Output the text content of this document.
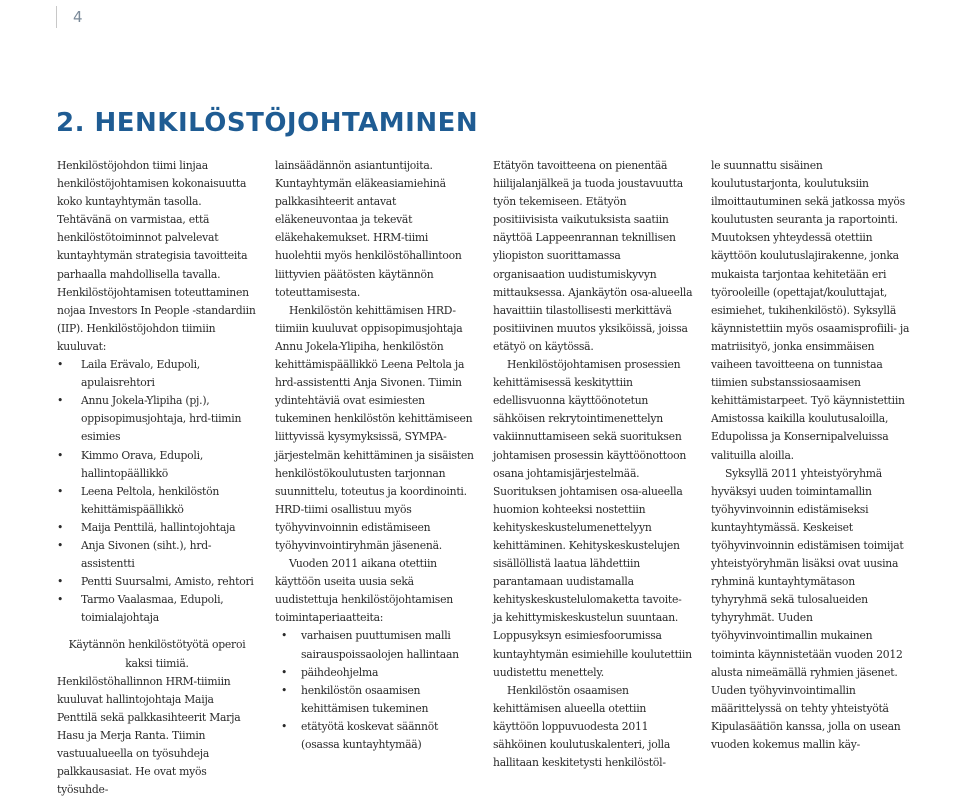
4
2. HENKILÖSTÖJOHTAMINEN

Henkilöstöjohdon tiimi linjaa henkilöstöjohtamisen kokonaisuutta koko kuntayhtymän tasolla. Tehtävänä on varmistaa, että henkilöstötoiminnot palvelevat kuntayhtymän strategisia tavoitteita parhaalla mahdollisella tavalla. Henkilöstöjohtamisen toteuttaminen nojaa Investors In People -standardiin (IIP). Henkilöstöjohdon tiimiin kuuluvat:

• Laila Erävalo, Edupoli, apulaisrehtori
• Annu Jokela-Ylipiha (pj.), oppisopimusjohtaja, hrd-tiimin esimies
• Kimmo Orava, Edupoli, hallintopäällikkö
• Leena Peltola, henkilöstön kehittämispäällikkö
• Maija Penttilä, hallintojohtaja
• Anja Sivonen (siht.), hrd-assistentti
• Pentti Suursalmi, Amisto, rehtori
• Tarmo Vaalasmaa, Edupoli, toimialajohtaja

Käytännön henkilöstötyötä operoi kaksi tiimiä.

Henkilöstöhallinnon HRM-tiimiin kuuluvat hallintojohtaja Maija Penttilä sekä palkkasihteerit Marja Hasu ja Merja Ranta. Tiimin vastuualueella on työsuhdeja palkkausasiat. He ovat myös työsuhde-

lainsäädännön asiantuntijoita. Kuntayhtymän eläkeasiamiehinä palkkasihteerit antavat eläkeneuvontaa ja tekevät eläkehakemukset. HRM-tiimi huolehtii myös henkilöstöhallintoon liittyvien päätösten käytännön toteuttamisesta.

Henkilöstön kehittämisen HRD-tiimiin kuuluvat oppisopimusjohtaja Annu Jokela-Ylipiha, henkilöstön kehittämispäällikkö Leena Peltola ja hrd-assistentti Anja Sivonen. Tiimin ydintehtäviä ovat esimiesten tukeminen henkilöstön kehittämiseen liittyvissä kysymyksissä, SYMPA-järjestelmän kehittäminen ja sisäisten henkilöstökoulutusten tarjonnan suunnittelu, toteutus ja koordinointi. HRD-tiimi osallistuu myös työhyvinvoinnin edistämiseen työhyvinvointiryhmän jäsenenä.

Vuoden 2011 aikana otettiin käyttöön useita uusia sekä uudistettuja henkilöstöjohtamisen toimintaperiaatteita:

• varhaisen puuttumisen malli sairauspoissaolojen hallintaan
• päihdeohjelma
• henkilöstön osaamisen kehittämisen tukeminen
• etätyötä koskevat säännöt (osassa kuntayhtymää)

Etätyön tavoitteena on pienentää hiilijalanjälkeä ja tuoda joustavuutta työn tekemiseen. Etätyön positiivisista vaikutuksista saatiin näyttöä Lappeenrannan teknillisen yliopiston suorittamassa organisaation uudistumiskyvyn mittauksessa. Ajankäytön osa-alueella havaittiin tilastollisesti merkittävä positiivinen muutos yksiköissä, joissa etätyö on käytössä.

Henkilöstöjohtamisen prosessien kehittämisessä keskityttiin edellisvuonna käyttöönotetun sähköisen rekrytointimenettelyn vakiinnuttamiseen sekä suorituksen johtamisen prosessin käyttöönottoon osana johtamisjärjestelmää. Suorituksen johtamisen osa-alueella huomion kohteeksi nostettiin kehityskeskustelumenettelyyn kehittäminen. Kehityskeskustelujen sisällöllistä laatua lähdettiin parantamaan uudistamalla kehityskeskustelulomaketta tavoite- ja kehittymiskeskustelun suuntaan. Loppusyksyn esimiesfoorumissa kuntayhtymän esimiehille koulutettiin uudistettu menettely.

Henkilöstön osaamisen kehittämisen alueella otettiin käyttöön loppuvuodesta 2011 sähköinen koulutuskalenteri, jolla hallitaan keskitetysti henkilöstöl-

le suunnattu sisäinen koulutustarjonta, koulutuksiin ilmoittautuminen sekä jatkossa myös koulutusten seuranta ja raportointi. Muutoksen yhteydessä otettiin käyttöön koulutuslajirakenne, jonka mukaista tarjontaa kehitetään eri työrooleille (opettajat/kouluttajat, esimiehet, tukihenkilöstö). Syksyllä käynnistettiin myös osaamisprofiili- ja matriisityö, jonka ensimmäisen vaiheen tavoitteena on tunnistaa tiimien substanssiosaamisen kehittämistarpeet. Työ käynnistettiin Amistossa kaikilla koulutusaloilla, Edupolissa ja Konsernipalveluissa valituilla aloilla.

Syksyllä 2011 yhteistyöryhmä hyväksyi uuden toimintamallin työhyvinvoinnin edistämiseksi kuntayhtymässä. Keskeiset työhyvinvoinnin edistämisen toimijat yhteistyöryhmän lisäksi ovat uusina ryhminä kuntayhtymätason tyhyryhmä sekä tulosalueiden tyhyryhmät. Uuden työhyvinvointimallin mukainen toiminta käynnistetään vuoden 2012 alusta nimeämällä ryhmien jäsenet. Uuden työhyvinvointimallin määrittelyssä on tehty yhteistyötä Kipulasäätiön kanssa, jolla on usean vuoden kokemus mallin käy-
